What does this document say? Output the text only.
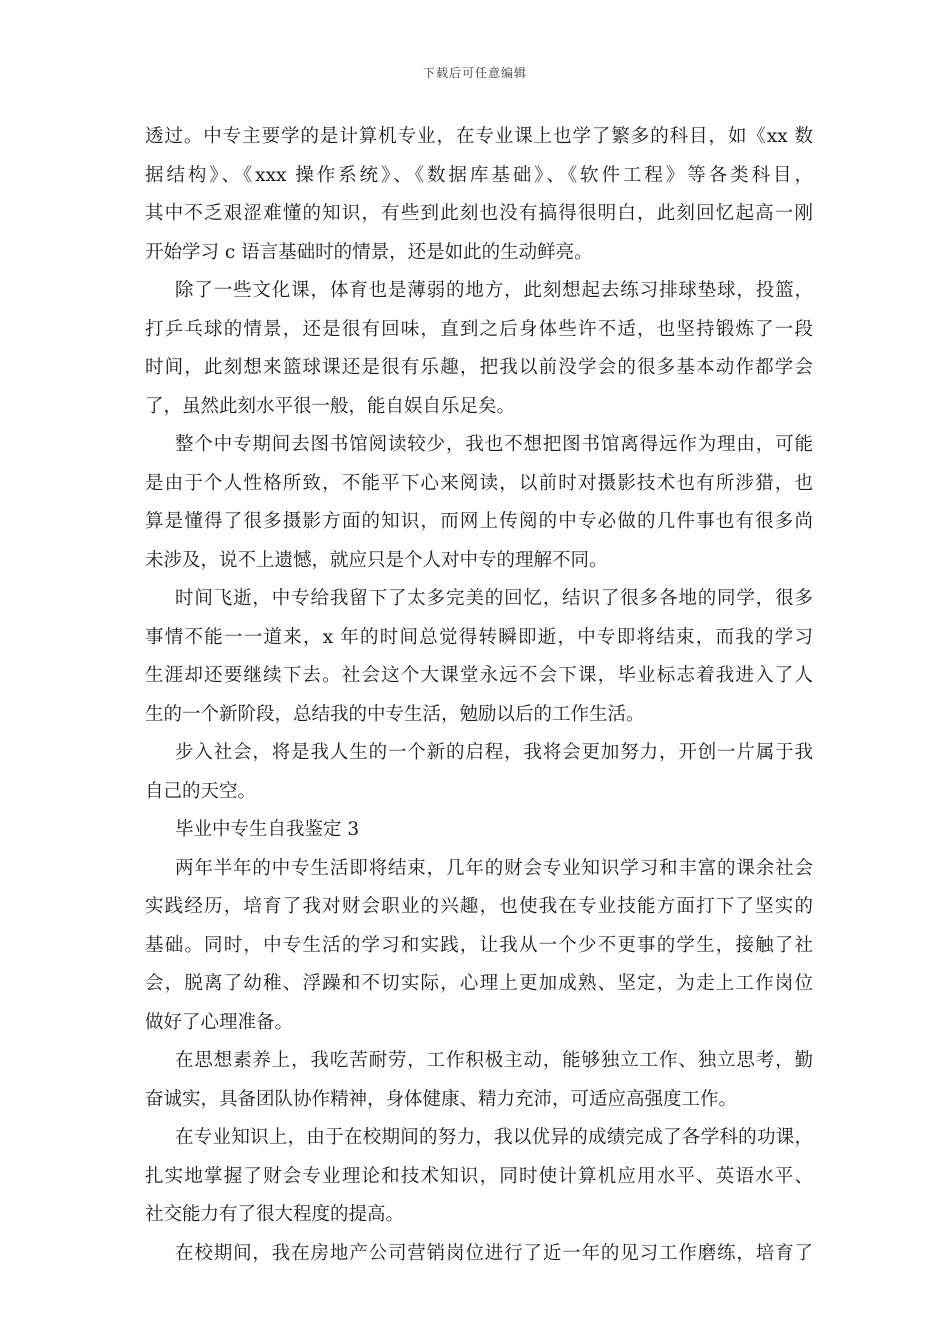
下载后可任意编辑
透过。中专主要学的是计算机专业，在专业课上也学了繁多的科目，如《xx 数
据结构》、《xxx 操作系统》、《数据库基础》、《软件工程》等各类科目，
其中不乏艰涩难懂的知识，有些到此刻也没有搞得很明白，此刻回忆起高一刚
开始学习 c 语言基础时的情景，还是如此的生动鲜亮。
除了一些文化课，体育也是薄弱的地方，此刻想起去练习排球垫球，投篮，
打乒乓球的情景，还是很有回味，直到之后身体些许不适，也坚持锻炼了一段
时间，此刻想来篮球课还是很有乐趣，把我以前没学会的很多基本动作都学会
了，虽然此刻水平很一般，能自娱自乐足矣。
整个中专期间去图书馆阅读较少，我也不想把图书馆离得远作为理由，可能
是由于个人性格所致，不能平下心来阅读，以前时对摄影技术也有所涉猎，也
算是懂得了很多摄影方面的知识，而网上传阅的中专必做的几件事也有很多尚
未涉及，说不上遗憾，就应只是个人对中专的理解不同。
时间飞逝，中专给我留下了太多完美的回忆，结识了很多各地的同学，很多
事情不能一一道来，x 年的时间总觉得转瞬即逝，中专即将结束，而我的学习
生涯却还要继续下去。社会这个大课堂永远不会下课，毕业标志着我进入了人
生的一个新阶段，总结我的中专生活，勉励以后的工作生活。
步入社会，将是我人生的一个新的启程，我将会更加努力，开创一片属于我
自己的天空。
毕业中专生自我鉴定 3
两年半年的中专生活即将结束，几年的财会专业知识学习和丰富的课余社会
实践经历，培育了我对财会职业的兴趣，也使我在专业技能方面打下了坚实的
基础。同时，中专生活的学习和实践，让我从一个少不更事的学生，接触了社
会，脱离了幼稚、浮躁和不切实际，心理上更加成熟、坚定，为走上工作岗位
做好了心理准备。
在思想素养上，我吃苦耐劳，工作积极主动，能够独立工作、独立思考，勤
奋诚实，具备团队协作精神，身体健康、精力充沛，可适应高强度工作。
在专业知识上，由于在校期间的努力，我以优异的成绩完成了各学科的功课，
扎实地掌握了财会专业理论和技术知识，同时使计算机应用水平、英语水平、
社交能力有了很大程度的提高。
在校期间，我在房地产公司营销岗位进行了近一年的见习工作磨练，培育了
